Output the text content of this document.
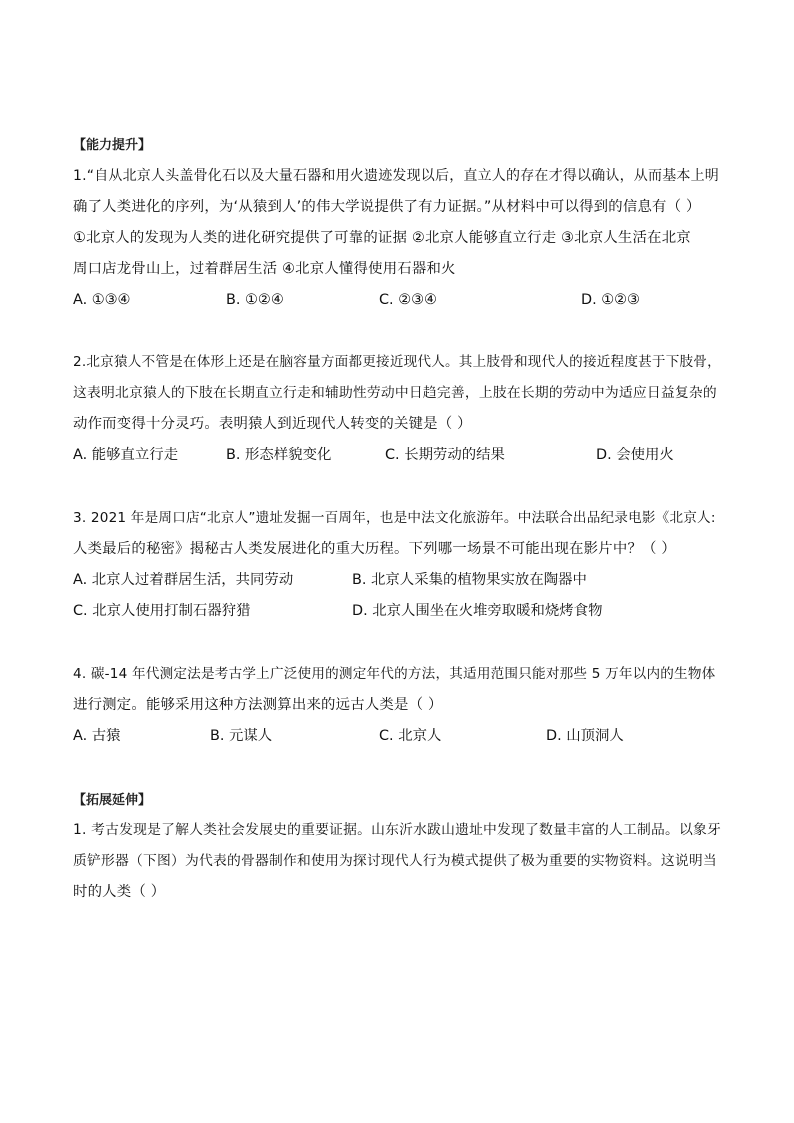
【能力提升】
1.“自从北京人头盖骨化石以及大量石器和用火遗迹发现以后，直立人的存在才得以确认，从而基本上明
确了人类进化的序列，为‘从猿到人’的伟大学说提供了有力证据。”从材料中可以得到的信息有（ ）
①北京人的发现为人类的进化研究提供了可靠的证据 ②北京人能够直立行走 ③北京人生活在北京
周口店龙骨山上，过着群居生活 ④北京人懂得使用石器和火
A. ①③④	B. ①②④	C. ②③④	D. ①②③
2.北京猿人不管是在体形上还是在脑容量方面都更接近现代人。其上肢骨和现代人的接近程度甚于下肢骨，
这表明北京猿人的下肢在长期直立行走和辅助性劳动中日趋完善，上肢在长期的劳动中为适应日益复杂的
动作而变得十分灵巧。表明猿人到近现代人转变的关键是（ ）
A. 能够直立行走	B. 形态样貌变化	C. 长期劳动的结果	D. 会使用火
3. 2021 年是周口店“北京人”遗址发掘一百周年，也是中法文化旅游年。中法联合出品纪录电影《北京人:
人类最后的秘密》揭秘古人类发展进化的重大历程。下列哪一场景不可能出现在影片中？（ ）
A. 北京人过着群居生活，共同劳动	B. 北京人采集的植物果实放在陶器中
C. 北京人使用打制石器狩猎	D. 北京人围坐在火堆旁取暖和烧烤食物
4. 碳-14 年代测定法是考古学上广泛使用的测定年代的方法，其适用范围只能对那些 5 万年以内的生物体
进行测定。能够采用这种方法测算出来的远古人类是（ ）
A. 古猿	B. 元谋人	C. 北京人	D. 山顶洞人
【拓展延伸】
1. 考古发现是了解人类社会发展史的重要证据。山东沂水跋山遗址中发现了数量丰富的人工制品。以象牙
质铲形器（下图）为代表的骨器制作和使用为探讨现代人行为模式提供了极为重要的实物资料。这说明当
时的人类（ ）
